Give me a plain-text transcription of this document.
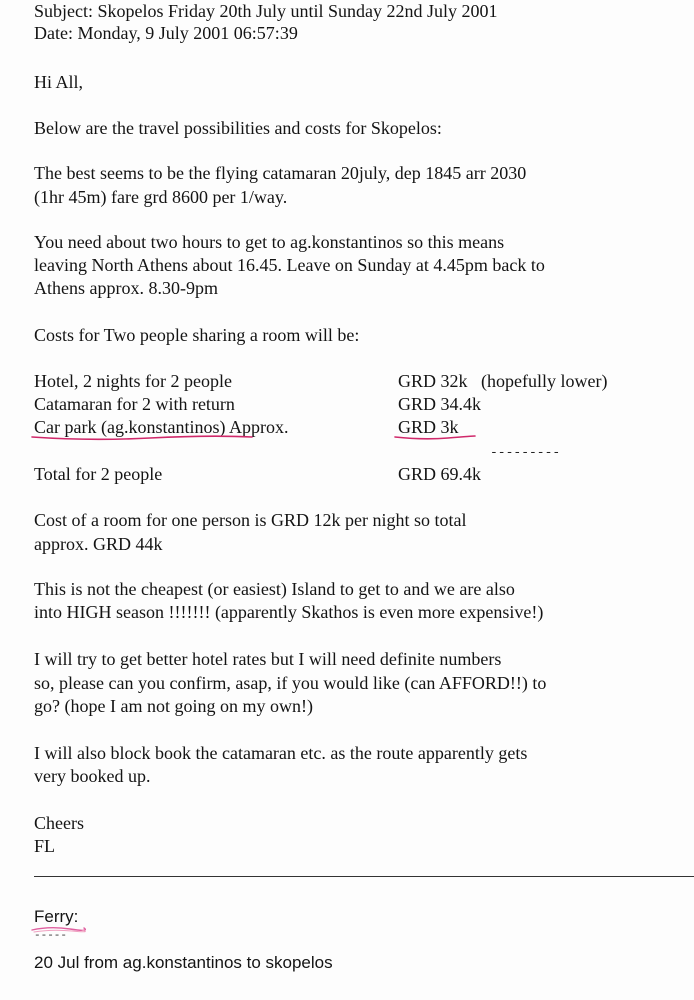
Subject: Skopelos Friday 20th July until Sunday 22nd July 2001
Date: Monday, 9 July 2001 06:57:39
Hi All,
Below are the travel possibilities and costs for Skopelos:
The best seems to be the flying catamaran 20july, dep 1845 arr 2030
(1hr 45m) fare grd 8600 per 1/way.
You need about two hours to get to ag.konstantinos so this means
leaving North Athens about 16.45. Leave on Sunday at 4.45pm back to
Athens approx. 8.30-9pm
Costs for Two people sharing a room will be:
Hotel, 2 nights for 2 people	GRD 32k   (hopefully lower)
Catamaran for 2 with return	GRD 34.4k
Car park (ag.konstantinos) Approx.	GRD 3k
---------
Total for 2 people	GRD 69.4k
Cost of a room for one person is GRD 12k per night so total
approx. GRD 44k
This is not the cheapest (or easiest) Island to get to and we are also
into HIGH season !!!!!!! (apparently Skathos is even more expensive!)
I will try to get better hotel rates but I will need definite numbers
so, please can you confirm, asap, if you would like (can AFFORD!!) to
go? (hope I am not going on my own!)
I will also block book the catamaran etc. as the route apparently gets
very booked up.
Cheers
FL
Ferry:
-----
20 Jul from ag.konstantinos to skopelos
